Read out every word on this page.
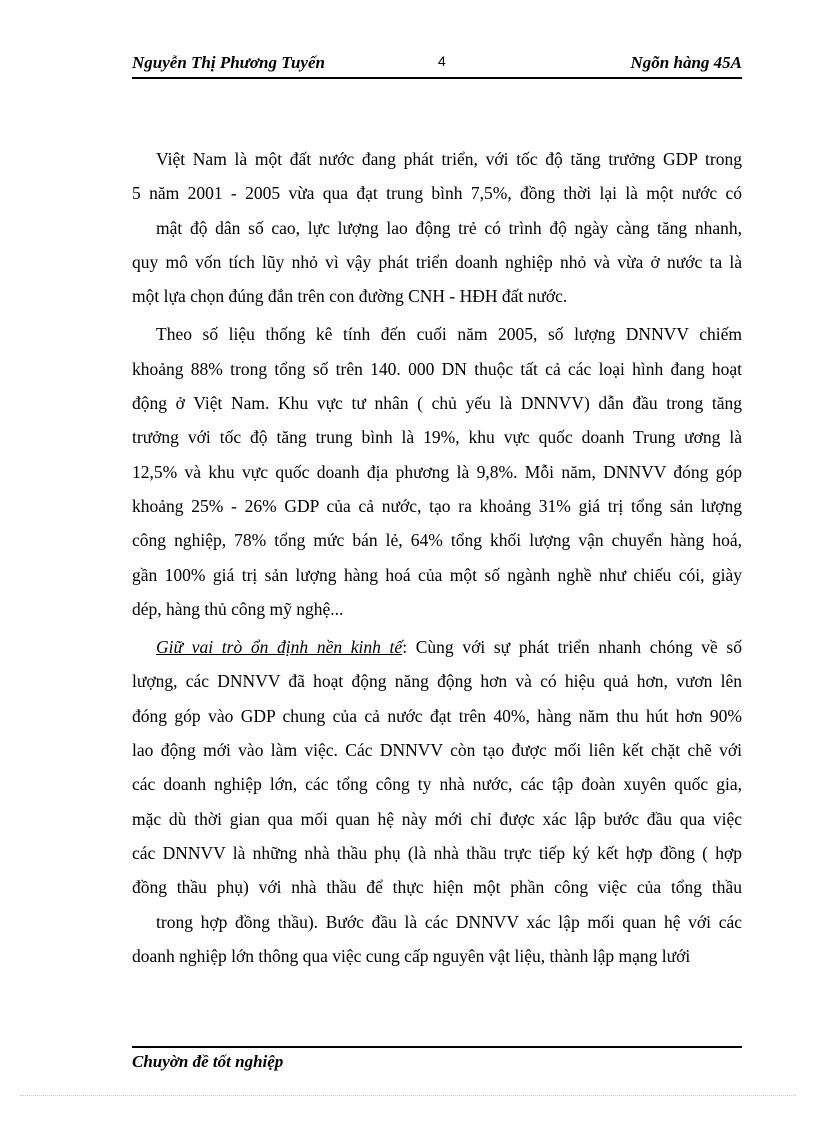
Nguyễn Thị Phương Tuyến	4	Ngõn hàng 45A
Việt Nam là một đất nước đang phát triển, với tốc độ tăng trưởng GDP trong
5 năm 2001 - 2005 vừa qua đạt trung bình 7,5%, đồng thời lại là một nước có
mật độ dân số cao, lực lượng lao động trẻ có trình độ ngày càng tăng nhanh,
quy mô vốn tích lũy nhỏ vì vậy phát triển doanh nghiệp nhỏ và vừa ở nước ta là
một lựa chọn đúng đắn trên con đường CNH - HĐH đất nước.
Theo số liệu thống kê tính đến cuối năm 2005, số lượng DNNVV chiếm
khoảng 88% trong tổng số trên 140. 000 DN thuộc tất cả các loại hình đang hoạt
động ở Việt Nam. Khu vực tư nhân ( chủ yếu là DNNVV) dẫn đầu trong tăng
trưởng với tốc độ tăng trung bình là 19%, khu vực quốc doanh Trung ương là
12,5% và khu vực quốc doanh địa phương là 9,8%. Mỗi năm, DNNVV đóng góp
khoảng 25% - 26% GDP của cả nước, tạo ra khoảng 31% giá trị tổng sản lượng
công nghiệp, 78% tổng mức bán lẻ, 64% tổng khối lượng vận chuyển hàng hoá,
gần 100% giá trị sản lượng hàng hoá của một số ngành nghề như chiếu cói, giày
dép, hàng thủ công mỹ nghệ...
Giữ vai trò ổn định nền kinh tế: Cùng với sự phát triển nhanh chóng về số
lượng, các DNNVV đã hoạt động năng động hơn và có hiệu quả hơn, vươn lên
đóng góp vào GDP chung của cả nước đạt trên 40%, hàng năm thu hút hơn 90%
lao động mới vào làm việc. Các DNNVV còn tạo được mối liên kết chặt chẽ với
các doanh nghiệp lớn, các tổng công ty nhà nước, các tập đoàn xuyên quốc gia,
mặc dù thời gian qua mối quan hệ này mới chỉ được xác lập bước đầu qua việc
các DNNVV là những nhà thầu phụ (là nhà thầu trực tiếp ký kết hợp đồng ( hợp
đồng thầu phụ) với nhà thầu để thực hiện một phần công việc của tổng thầu
trong hợp đồng thầu). Bước đầu là các DNNVV xác lập mối quan hệ với các
doanh nghiệp lớn thông qua việc cung cấp nguyên vật liệu, thành lập mạng lưới
Chuyờn đề tốt nghiệp
